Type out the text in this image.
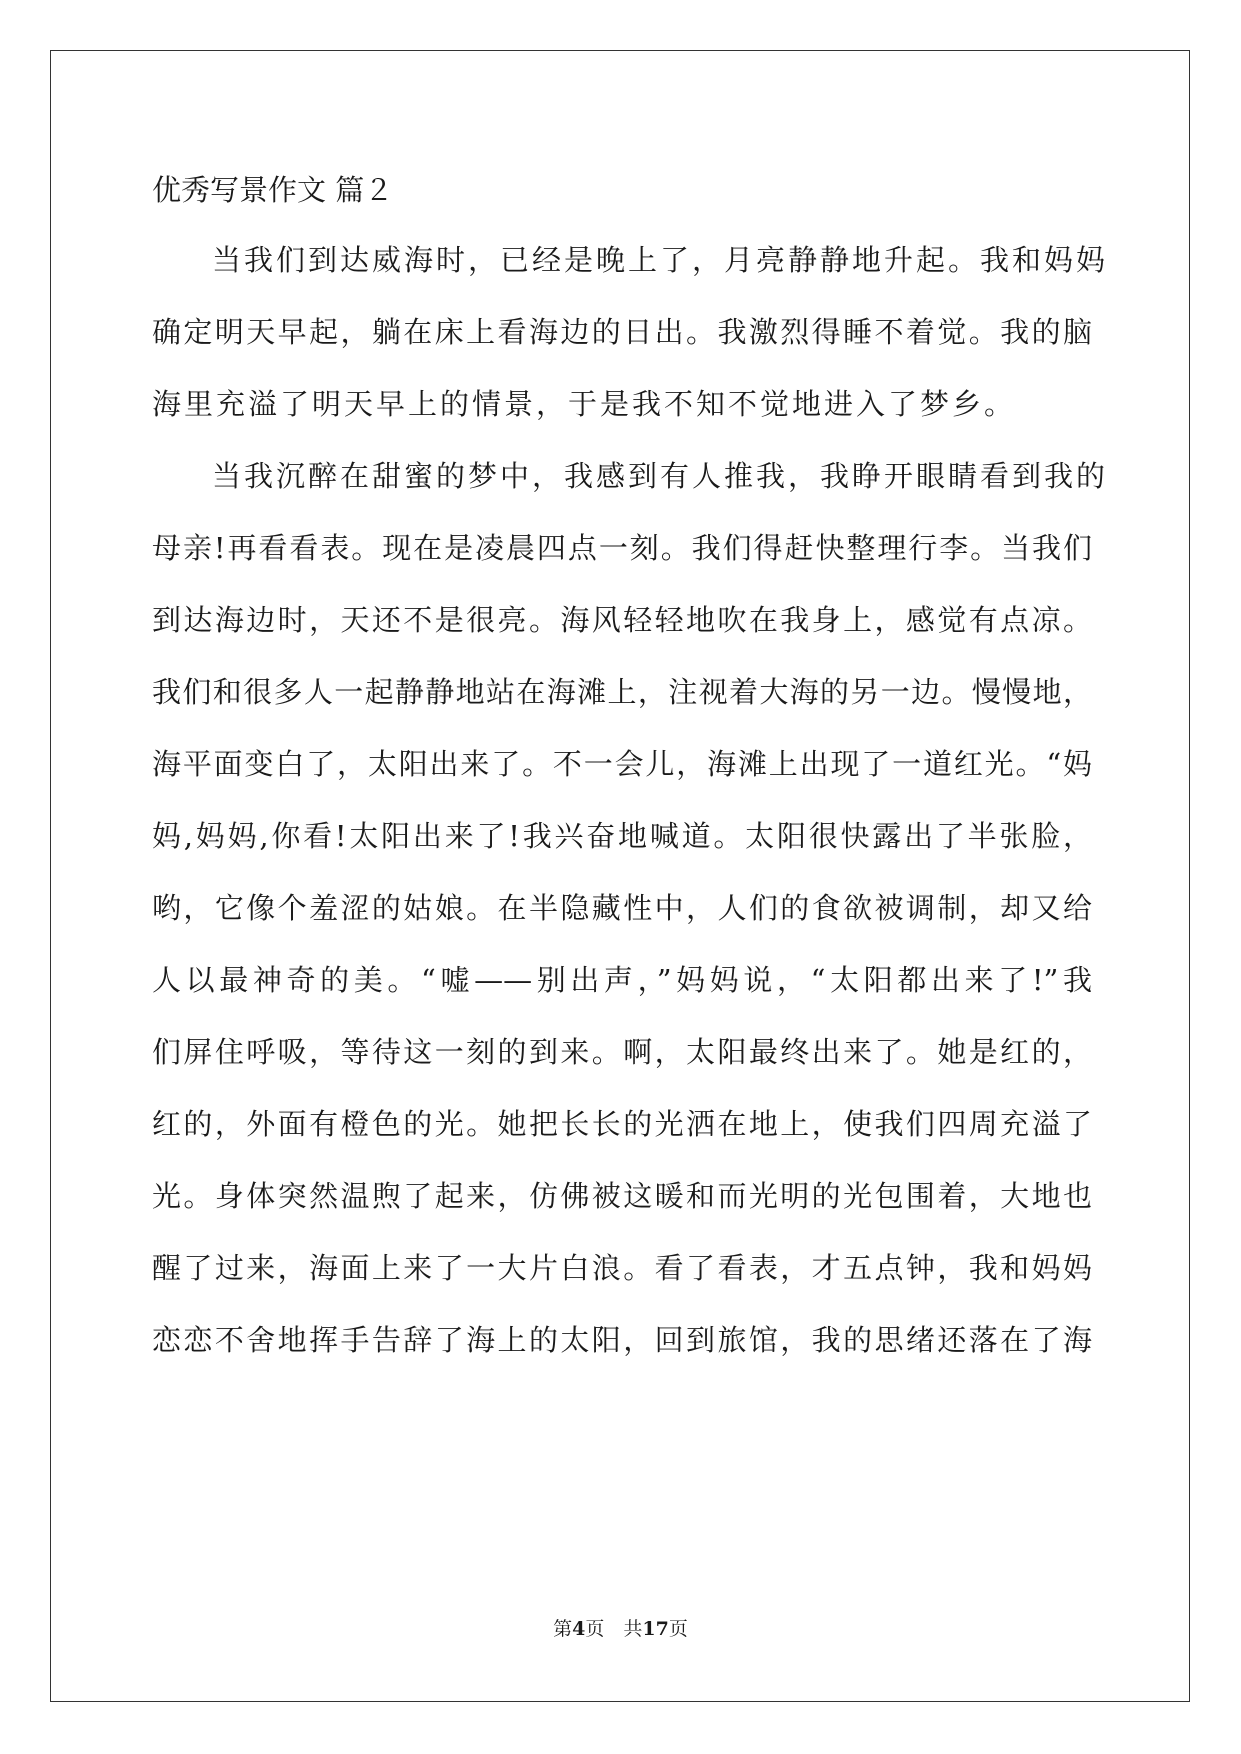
优秀写景作文 篇２

当我们到达威海时，已经是晚上了，月亮静静地升起。我和妈妈

确定明天早起，躺在床上看海边的日出。我激烈得睡不着觉。我的脑

海里充溢了明天早上的情景，于是我不知不觉地进入了梦乡。

当我沉醉在甜蜜的梦中，我感到有人推我，我睁开眼睛看到我的

母亲!再看看表。现在是凌晨四点一刻。我们得赶快整理行李。当我们

到达海边时，天还不是很亮。海风轻轻地吹在我身上，感觉有点凉。

我们和很多人一起静静地站在海滩上，注视着大海的另一边。慢慢地，

海平面变白了，太阳出来了。不一会儿，海滩上出现了一道红光。“妈

妈,妈妈,你看!太阳出来了!我兴奋地喊道。太阳很快露出了半张脸，

哟，它像个羞涩的姑娘。在半隐藏性中，人们的食欲被调制，却又给

人以最神奇的美。“嘘——别出声，”妈妈说，“太阳都出来了!”我

们屏住呼吸，等待这一刻的到来。啊，太阳最终出来了。她是红的，

红的，外面有橙色的光。她把长长的光洒在地上，使我们四周充溢了

光。身体突然温煦了起来，仿佛被这暖和而光明的光包围着，大地也

醒了过来，海面上来了一大片白浪。看了看表，才五点钟，我和妈妈

恋恋不舍地挥手告辞了海上的太阳，回到旅馆，我的思绪还落在了海

第4页　共17页
